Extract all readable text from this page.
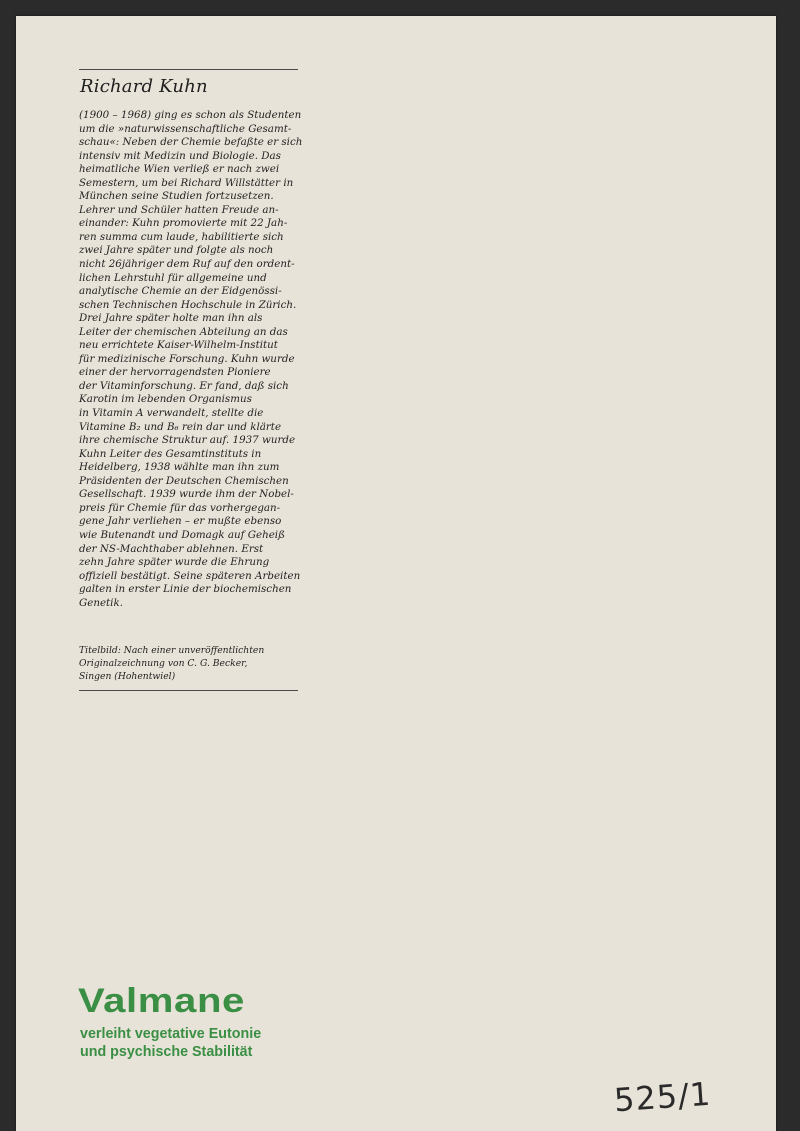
Richard Kuhn
(1900 – 1968) ging es schon als Studenten
um die »naturwissenschaftliche Gesamt-
schau«: Neben der Chemie befaßte er sich
intensiv mit Medizin und Biologie. Das
heimatliche Wien verließ er nach zwei
Semestern, um bei Richard Willstätter in
München seine Studien fortzusetzen.
Lehrer und Schüler hatten Freude an-
einander: Kuhn promovierte mit 22 Jah-
ren summa cum laude, habilitierte sich
zwei Jahre später und folgte als noch
nicht 26jähriger dem Ruf auf den ordent-
lichen Lehrstuhl für allgemeine und
analytische Chemie an der Eidgenössi-
schen Technischen Hochschule in Zürich.
Drei Jahre später holte man ihn als
Leiter der chemischen Abteilung an das
neu errichtete Kaiser-Wilhelm-Institut
für medizinische Forschung. Kuhn wurde
einer der hervorragendsten Pioniere
der Vitaminforschung. Er fand, daß sich
Karotin im lebenden Organismus
in Vitamin A verwandelt, stellte die
Vitamine B₂ und B₆ rein dar und klärte
ihre chemische Struktur auf. 1937 wurde
Kuhn Leiter des Gesamtinstituts in
Heidelberg, 1938 wählte man ihn zum
Präsidenten der Deutschen Chemischen
Gesellschaft. 1939 wurde ihm der Nobel-
preis für Chemie für das vorhergegan-
gene Jahr verliehen – er mußte ebenso
wie Butenandt und Domagk auf Geheiß
der NS-Machthaber ablehnen. Erst
zehn Jahre später wurde die Ehrung
offiziell bestätigt. Seine späteren Arbeiten
galten in erster Linie der biochemischen
Genetik.
Titelbild: Nach einer unveröffentlichten
Originalzeichnung von C. G. Becker,
Singen (Hohentwiel)
Valmane
verleiht vegetative Eutonie
und psychische Stabilität
525/1
